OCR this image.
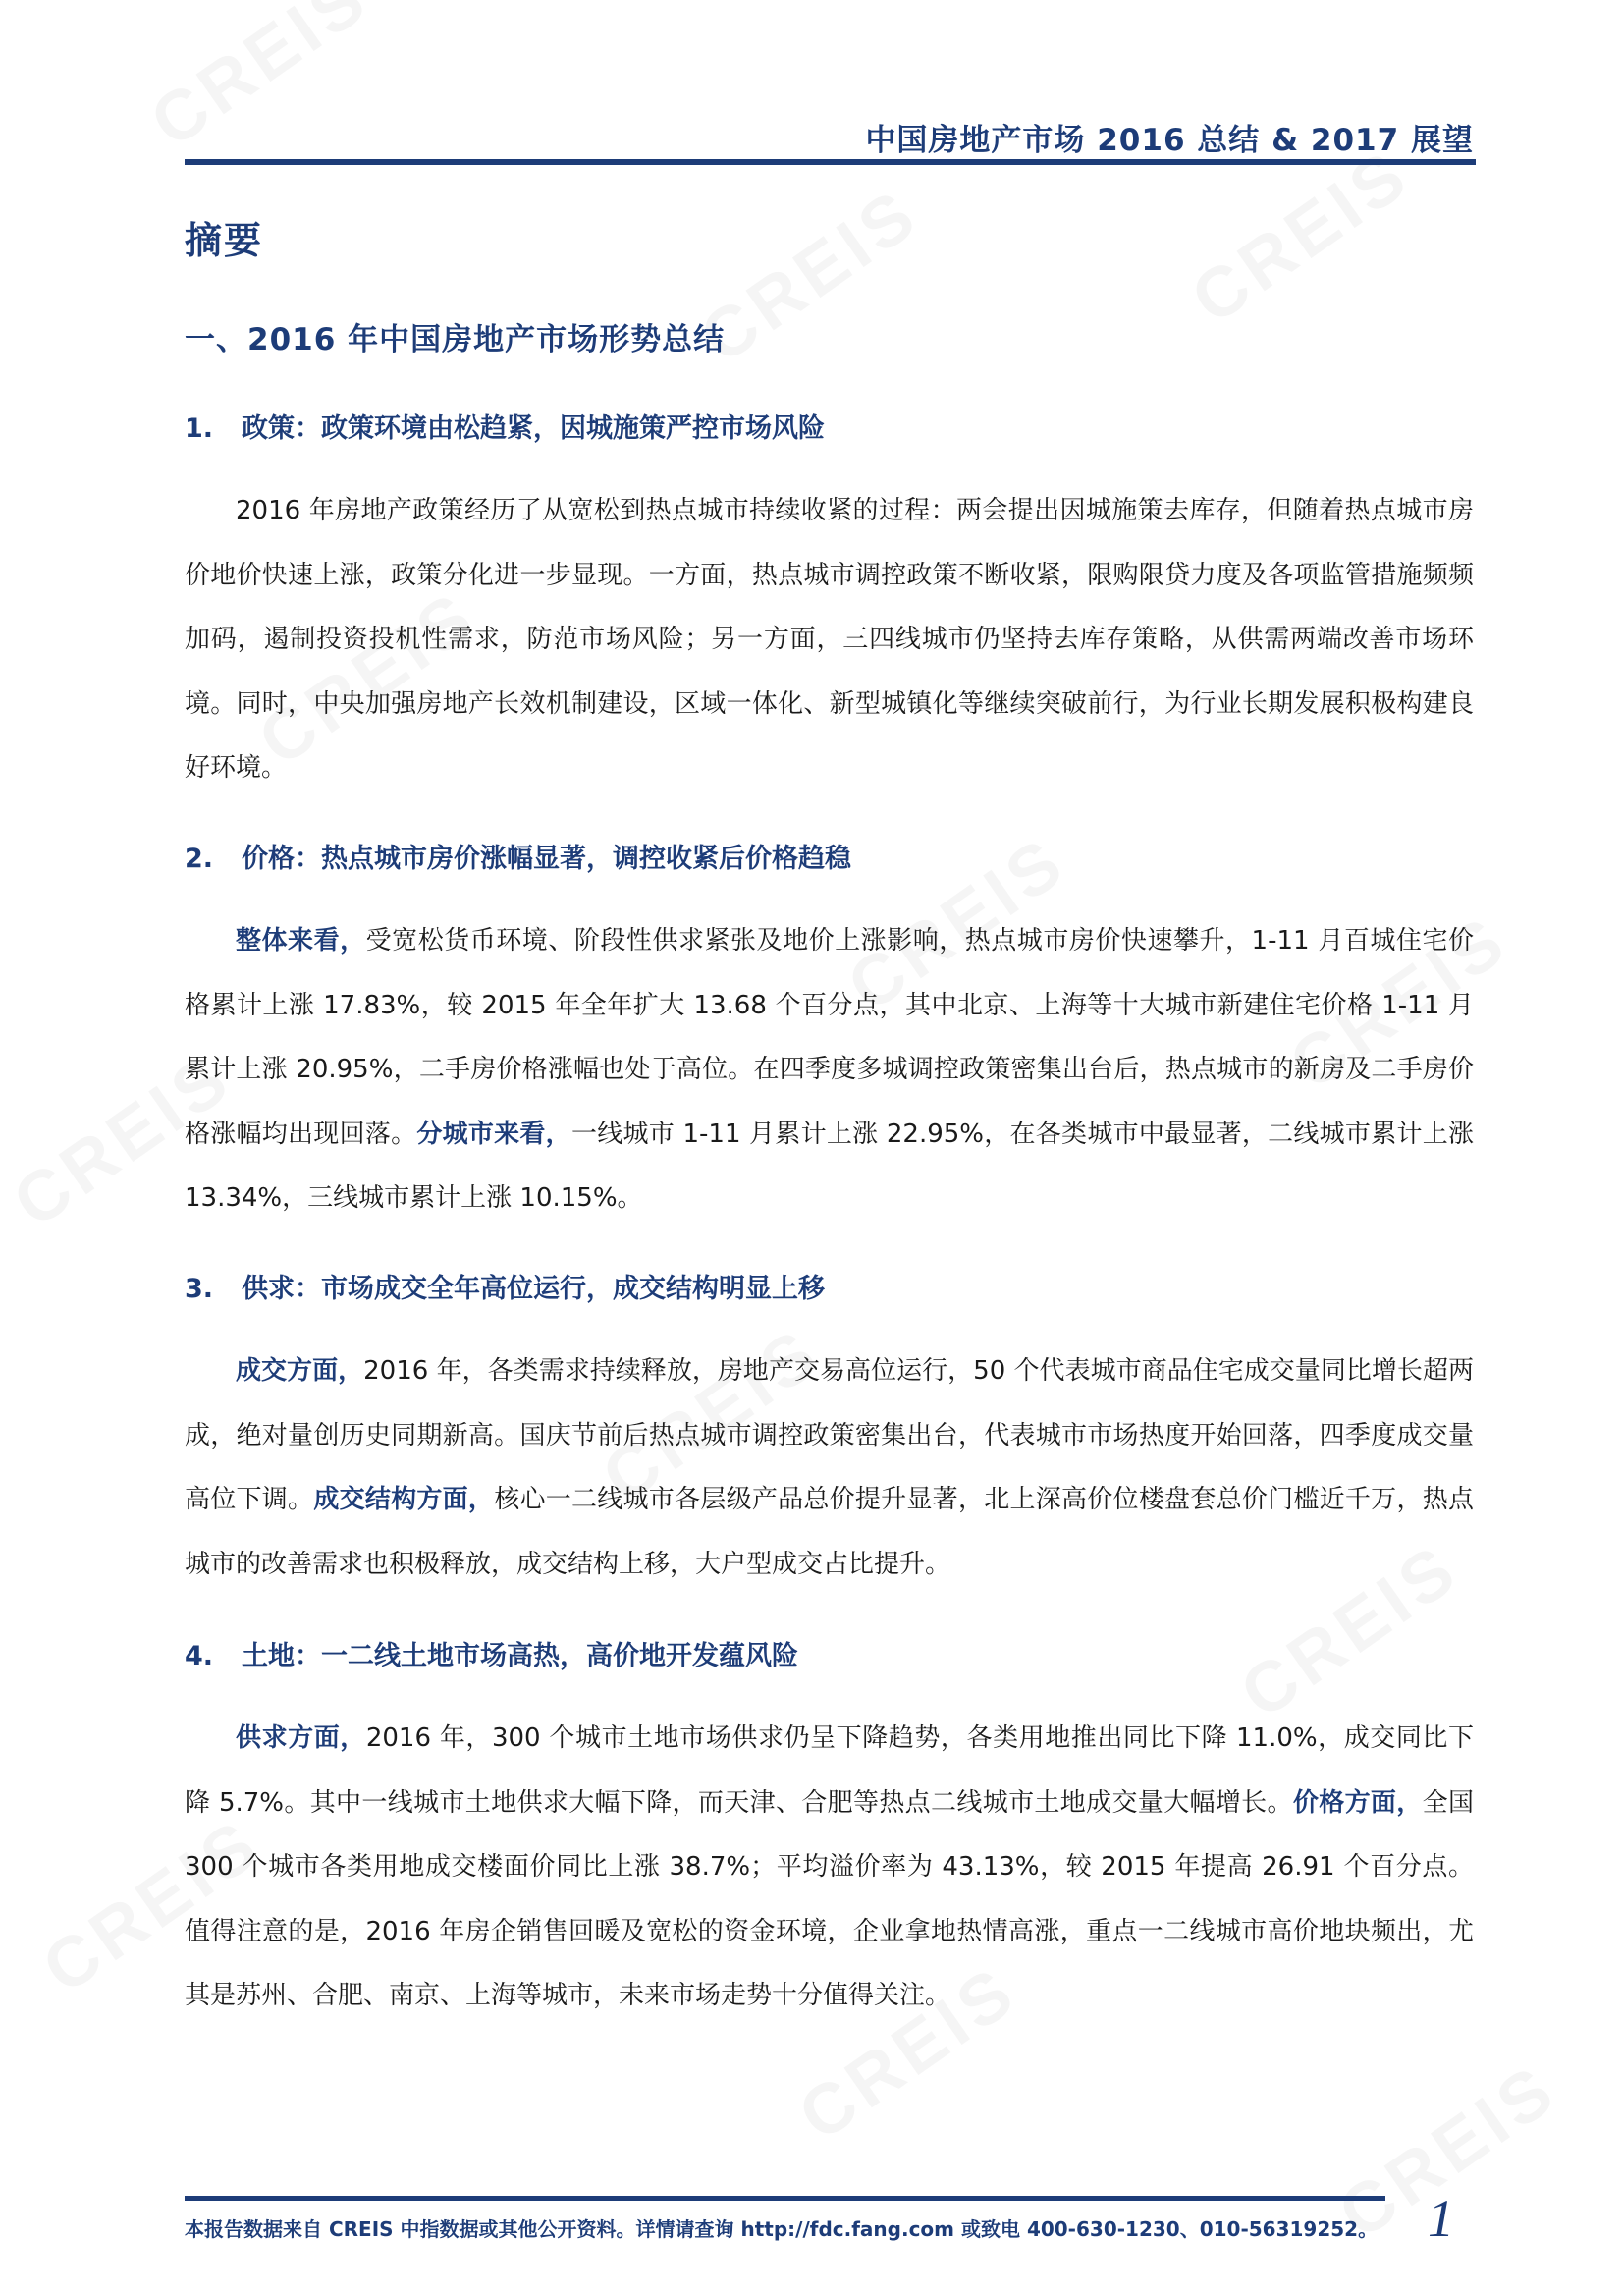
中国房地产市场 2016 总结 & 2017 展望
摘要
一、2016 年中国房地产市场形势总结
1. 政策：政策环境由松趋紧，因城施策严控市场风险

2016 年房地产政策经历了从宽松到热点城市持续收紧的过程：两会提出因城施策去库存，但随着热点城市房价地价快速上涨，政策分化进一步显现。一方面，热点城市调控政策不断收紧，限购限贷力度及各项监管措施频频加码，遏制投资投机性需求，防范市场风险；另一方面，三四线城市仍坚持去库存策略，从供需两端改善市场环境。同时，中央加强房地产长效机制建设，区域一体化、新型城镇化等继续突破前行，为行业长期发展积极构建良好环境。

2. 价格：热点城市房价涨幅显著，调控收紧后价格趋稳

整体来看，受宽松货币环境、阶段性供求紧张及地价上涨影响，热点城市房价快速攀升，1-11 月百城住宅价格累计上涨 17.83%，较 2015 年全年扩大 13.68 个百分点，其中北京、上海等十大城市新建住宅价格 1-11 月累计上涨 20.95%，二手房价格涨幅也处于高位。在四季度多城调控政策密集出台后，热点城市的新房及二手房价格涨幅均出现回落。分城市来看，一线城市 1-11 月累计上涨 22.95%，在各类城市中最显著，二线城市累计上涨 13.34%，三线城市累计上涨 10.15%。

3. 供求：市场成交全年高位运行，成交结构明显上移

成交方面，2016 年，各类需求持续释放，房地产交易高位运行，50 个代表城市商品住宅成交量同比增长超两成，绝对量创历史同期新高。国庆节前后热点城市调控政策密集出台，代表城市市场热度开始回落，四季度成交量高位下调。成交结构方面，核心一二线城市各层级产品总价提升显著，北上深高价位楼盘套总价门槛近千万，热点城市的改善需求也积极释放，成交结构上移，大户型成交占比提升。

4. 土地：一二线土地市场高热，高价地开发蕴风险

供求方面，2016 年，300 个城市土地市场供求仍呈下降趋势，各类用地推出同比下降 11.0%，成交同比下降 5.7%。其中一线城市土地供求大幅下降，而天津、合肥等热点二线城市土地成交量大幅增长。价格方面，全国 300 个城市各类用地成交楼面价同比上涨 38.7%；平均溢价率为 43.13%，较 2015 年提高 26.91 个百分点。值得注意的是，2016 年房企销售回暖及宽松的资金环境，企业拿地热情高涨，重点一二线城市高价地块频出，尤其是苏州、合肥、南京、上海等城市，未来市场走势十分值得关注。

本报告数据来自 CREIS 中指数据或其他公开资料。详情请查询 http://fdc.fang.com 或致电 400-630-1230、010-56319252。 1
